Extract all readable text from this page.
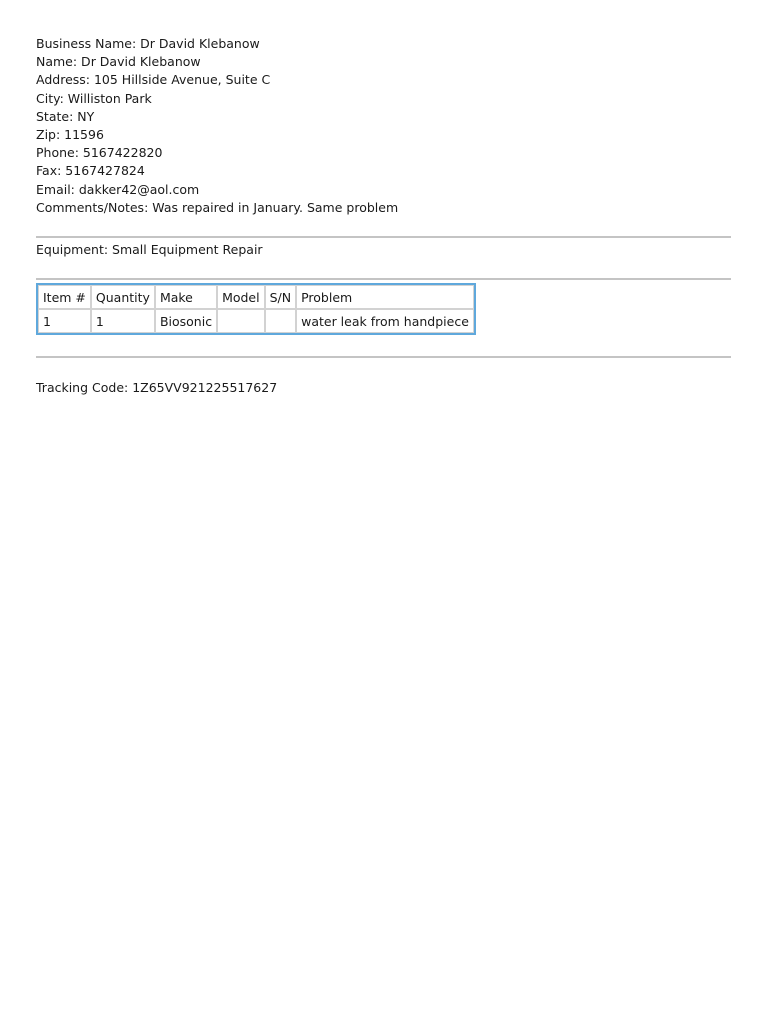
Business Name: Dr David Klebanow
Name: Dr David Klebanow
Address: 105 Hillside Avenue, Suite C
City: Williston Park
State: NY
Zip: 11596
Phone: 5167422820
Fax: 5167427824
Email: dakker42@aol.com
Comments/Notes: Was repaired in January. Same problem
Equipment: Small Equipment Repair
Item #	Quantity	Make	Model	S/N	Problem
1	1	Biosonic			water leak from handpiece
Tracking Code: 1Z65VV921225517627
